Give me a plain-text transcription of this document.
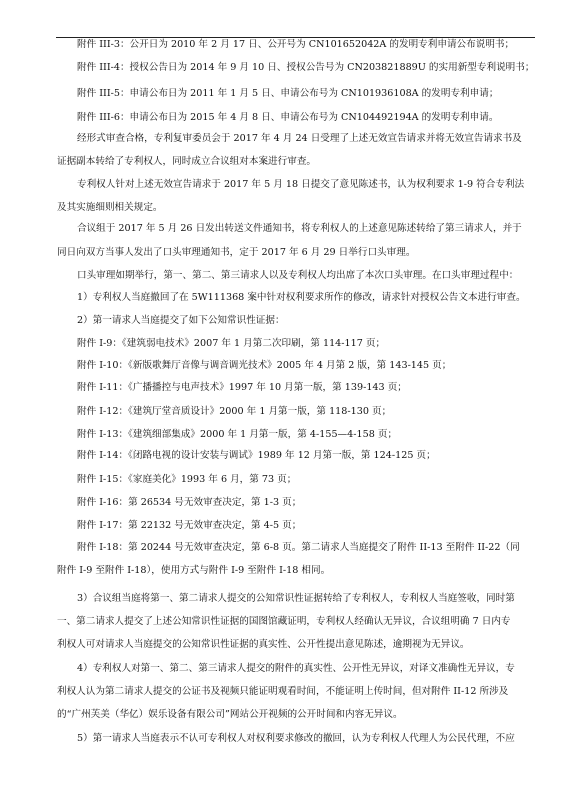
附件 III-3：公开日为 2010 年 2 月 17 日、公开号为 CN101652042A 的发明专利申请公布说明书；
附件 III-4：授权公告日为 2014 年 9 月 10 日、授权公告号为 CN203821889U 的实用新型专利说明书；
附件 III-5：申请公布日为 2011 年 1 月 5 日、申请公布号为 CN101936108A 的发明专利申请；
附件 III-6：申请公布日为 2015 年 4 月 8 日、申请公布号为 CN104492194A 的发明专利申请。
经形式审查合格，专利复审委员会于 2017 年 4 月 24 日受理了上述无效宣告请求并将无效宣告请求书及
证据副本转给了专利权人，同时成立合议组对本案进行审查。
专利权人针对上述无效宣告请求于 2017 年 5 月 18 日提交了意见陈述书，认为权利要求 1-9 符合专利法
及其实施细则相关规定。
合议组于 2017 年 5 月 26 日发出转送文件通知书，将专利权人的上述意见陈述转给了第三请求人，并于
同日向双方当事人发出了口头审理通知书，定于 2017 年 6 月 29 日举行口头审理。
口头审理如期举行，第一、第二、第三请求人以及专利权人均出席了本次口头审理。在口头审理过程中：
1）专利权人当庭撤回了在 5W111368 案中针对权利要求所作的修改，请求针对授权公告文本进行审查。
2）第一请求人当庭提交了如下公知常识性证据：
附件 I-9：《建筑弱电技术》2007 年 1 月第二次印刷，第 114-117 页；
附件 I-10：《新版歌舞厅音像与调音调光技术》2005 年 4 月第 2 版，第 143-145 页；
附件 I-11：《广播播控与电声技术》1997 年 10 月第一版，第 139-143 页；
附件 I-12：《建筑厅堂音质设计》2000 年 1 月第一版，第 118-130 页；
附件 I-13：《建筑细部集成》2000 年 1 月第一版，第 4-155—4-158 页；
附件 I-14：《闭路电视的设计安装与调试》1989 年 12 月第一版，第 124-125 页；
附件 I-15：《家庭美化》1993 年 6 月，第 73 页；
附件 I-16：第 26534 号无效审查决定，第 1-3 页；
附件 I-17：第 22132 号无效审查决定，第 4-5 页；
附件 I-18：第 20244 号无效审查决定，第 6-8 页。第二请求人当庭提交了附件 II-13 至附件 II-22（同
附件 I-9 至附件 I-18），使用方式与附件 I-9 至附件 I-18 相同。
3）合议组当庭将第一、第二请求人提交的公知常识性证据转给了专利权人，专利权人当庭签收，同时第
一、第二请求人提交了上述公知常识性证据的国图馆藏证明，专利权人经确认无异议，合议组明确 7 日内专
利权人可对请求人当庭提交的公知常识性证据的真实性、公开性提出意见陈述，逾期视为无异议。
4）专利权人对第一、第二、第三请求人提交的附件的真实性、公开性无异议，对译文准确性无异议，专
利权人认为第二请求人提交的公证书及视频只能证明观看时间，不能证明上传时间，但对附件 II-12 所涉及
的“广州芙美（华亿）娱乐设备有限公司”网站公开视频的公开时间和内容无异议。
5）第一请求人当庭表示不认可专利权人对权利要求修改的撤回，认为专利权人代理人为公民代理，不应
